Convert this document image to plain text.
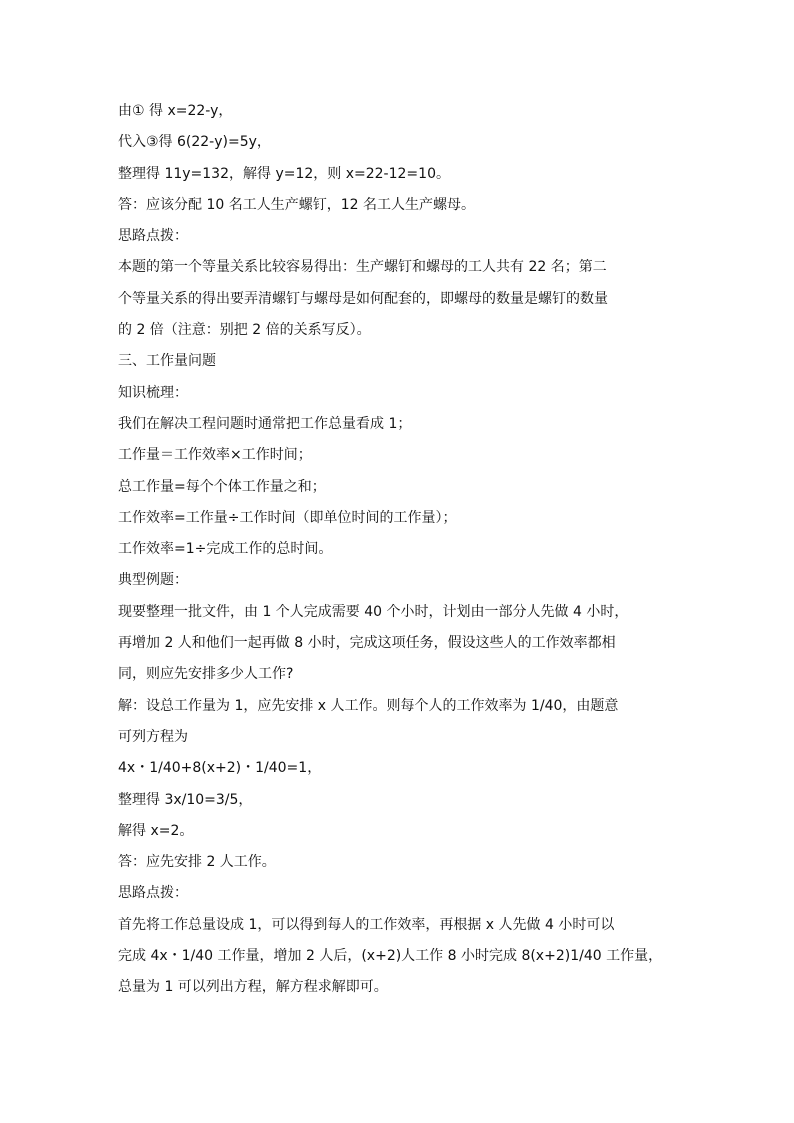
由① 得 x=22-y，
代入③得 6(22-y)=5y，
整理得 11y=132，解得 y=12，则 x=22-12=10。
答：应该分配 10 名工人生产螺钉，12 名工人生产螺母。
思路点拨：
本题的第一个等量关系比较容易得出：生产螺钉和螺母的工人共有 22 名；第二
个等量关系的得出要弄清螺钉与螺母是如何配套的，即螺母的数量是螺钉的数量
的 2 倍（注意：别把 2 倍的关系写反）。
三、工作量问题
知识梳理：
我们在解决工程问题时通常把工作总量看成 1；
工作量＝工作效率×工作时间；
总工作量=每个个体工作量之和；
工作效率=工作量÷工作时间（即单位时间的工作量）；
工作效率=1÷完成工作的总时间。
典型例题：
现要整理一批文件，由 1 个人完成需要 40 个小时，计划由一部分人先做 4 小时，
再增加 2 人和他们一起再做 8 小时，完成这项任务，假设这些人的工作效率都相
同，则应先安排多少人工作?
解：设总工作量为 1，应先安排 x 人工作。则每个人的工作效率为 1/40，由题意
可列方程为
4x・1/40+8(x+2)・1/40=1，
整理得 3x/10=3/5，
解得 x=2。
答：应先安排 2 人工作。
思路点拨：
首先将工作总量设成 1，可以得到每人的工作效率，再根据 x 人先做 4 小时可以
完成 4x・1/40 工作量，增加 2 人后，(x+2)人工作 8 小时完成 8(x+2)1/40 工作量，
总量为 1 可以列出方程，解方程求解即可。
